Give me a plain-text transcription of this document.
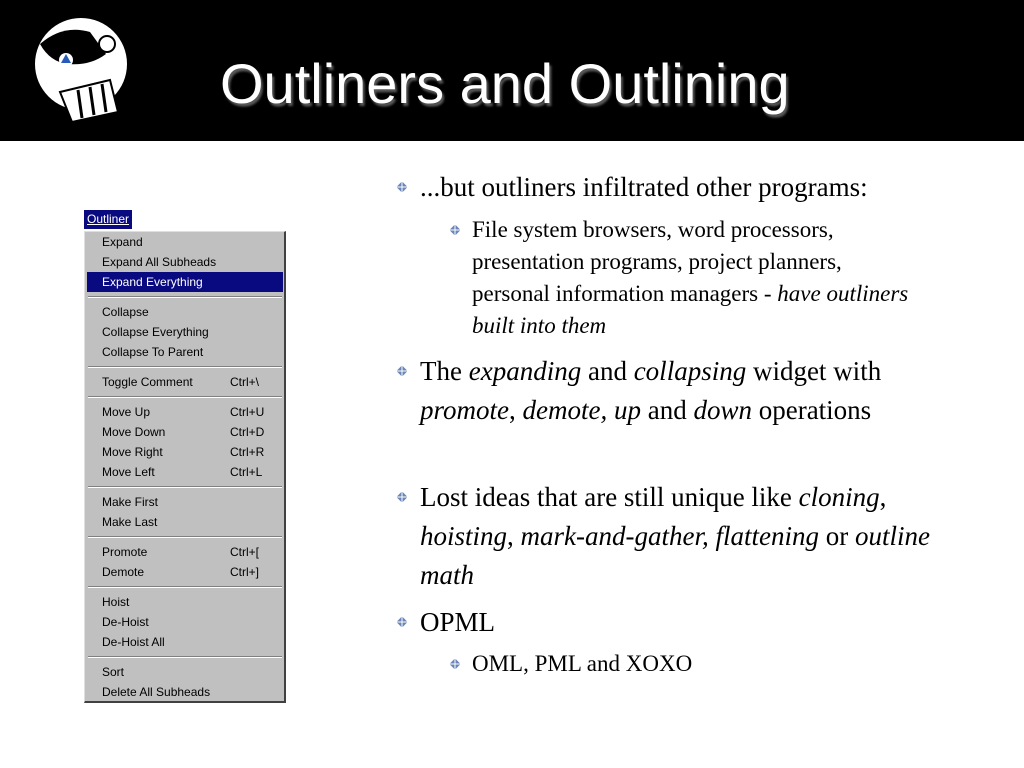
Outliners and Outlining
Outliner
Expand
Expand All Subheads
Expand Everything
Collapse
Collapse Everything
Collapse To Parent
Toggle Comment	Ctrl+\
Move Up	Ctrl+U
Move Down	Ctrl+D
Move Right	Ctrl+R
Move Left	Ctrl+L
Make First
Make Last
Promote	Ctrl+[
Demote	Ctrl+]
Hoist
De-Hoist
De-Hoist All
Sort
Delete All Subheads
...but outliners infiltrated other programs:
File system browsers, word processors, presentation programs, project planners, personal information managers - have outliners built into them
The expanding and collapsing widget with promote, demote, up and down operations
Lost ideas that are still unique like cloning, hoisting, mark-and-gather, flattening or outline math
OPML
OML, PML and XOXO
